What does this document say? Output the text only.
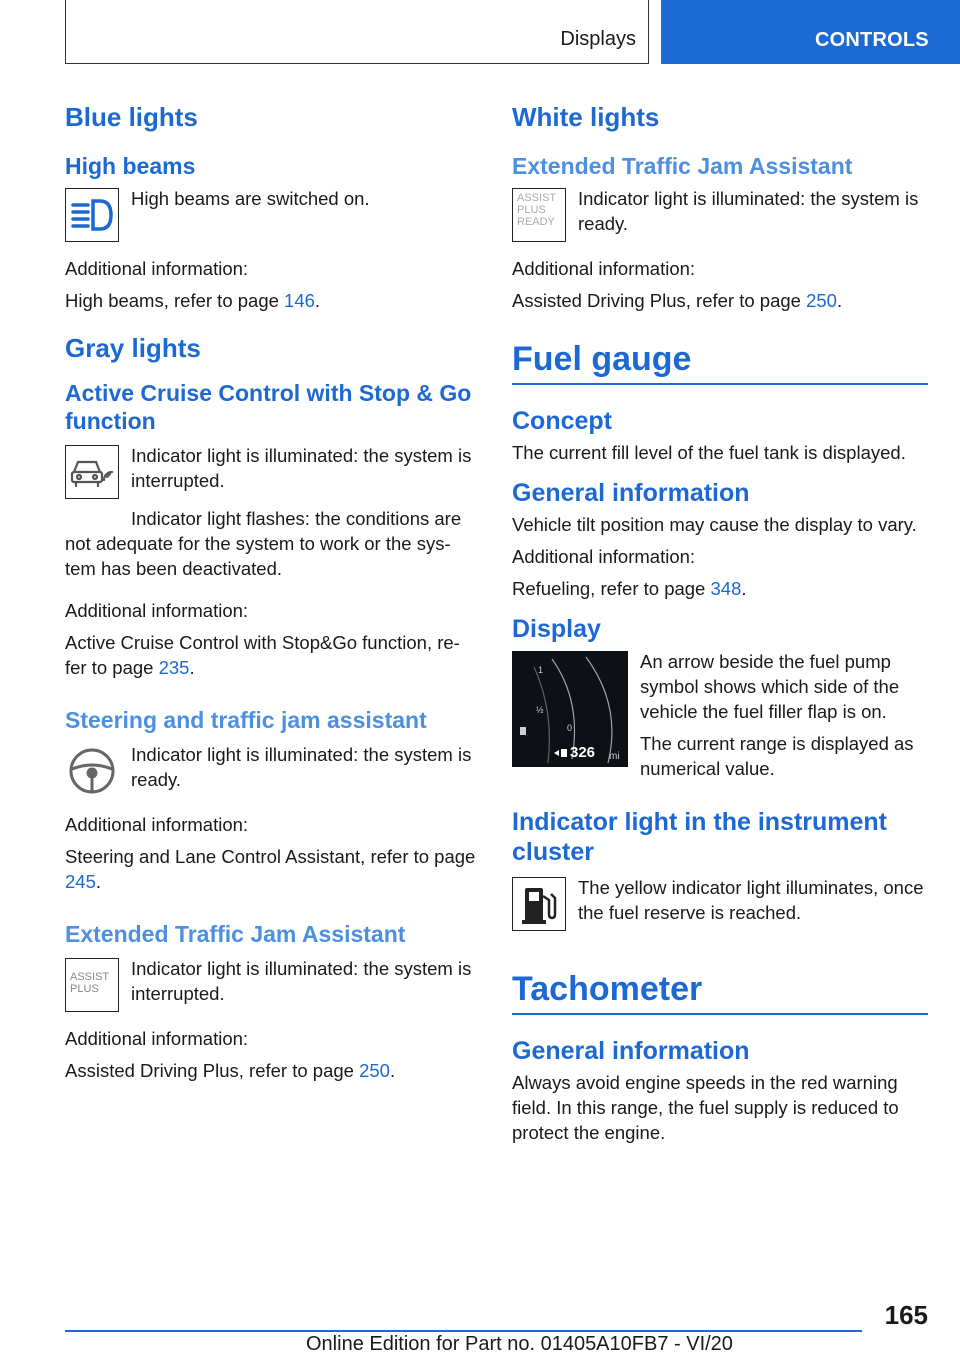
Displays	CONTROLS
Blue lights
High beams

High beams are switched on.

Additional information:

High beams, refer to page 146.

Gray lights
Active Cruise Control with Stop & Go function

Indicator light is illuminated: the system is interrupted.

Indicator light flashes: the conditions are not adequate for the system to work or the sys-tem has been deactivated.

Additional information:

Active Cruise Control with Stop&Go function, re-fer to page 235.

Steering and traffic jam assistant

Indicator light is illuminated: the system is ready.

Additional information:

Steering and Lane Control Assistant, refer to page 245.

Extended Traffic Jam Assistant
ASSIST
PLUS

Indicator light is illuminated: the system is interrupted.

Additional information:

Assisted Driving Plus, refer to page 250.

White lights
Extended Traffic Jam Assistant
ASSIST
PLUS
READY

Indicator light is illuminated: the system is ready.

Additional information:

Assisted Driving Plus, refer to page 250.

Fuel gauge
Concept

The current fill level of the fuel tank is displayed.

General information

Vehicle tilt position may cause the display to vary.

Additional information:

Refueling, refer to page 348.

Display
1
½
0
326 mi

An arrow beside the fuel pump symbol shows which side of the vehicle the fuel filler flap is on.

The current range is displayed as numerical value.

Indicator light in the instrument cluster

The yellow indicator light illuminates, once the fuel reserve is reached.

Tachometer
General information

Always avoid engine speeds in the red warning field. In this range, the fuel supply is reduced to protect the engine.

165
Online Edition for Part no. 01405A10FB7 - VI/20
